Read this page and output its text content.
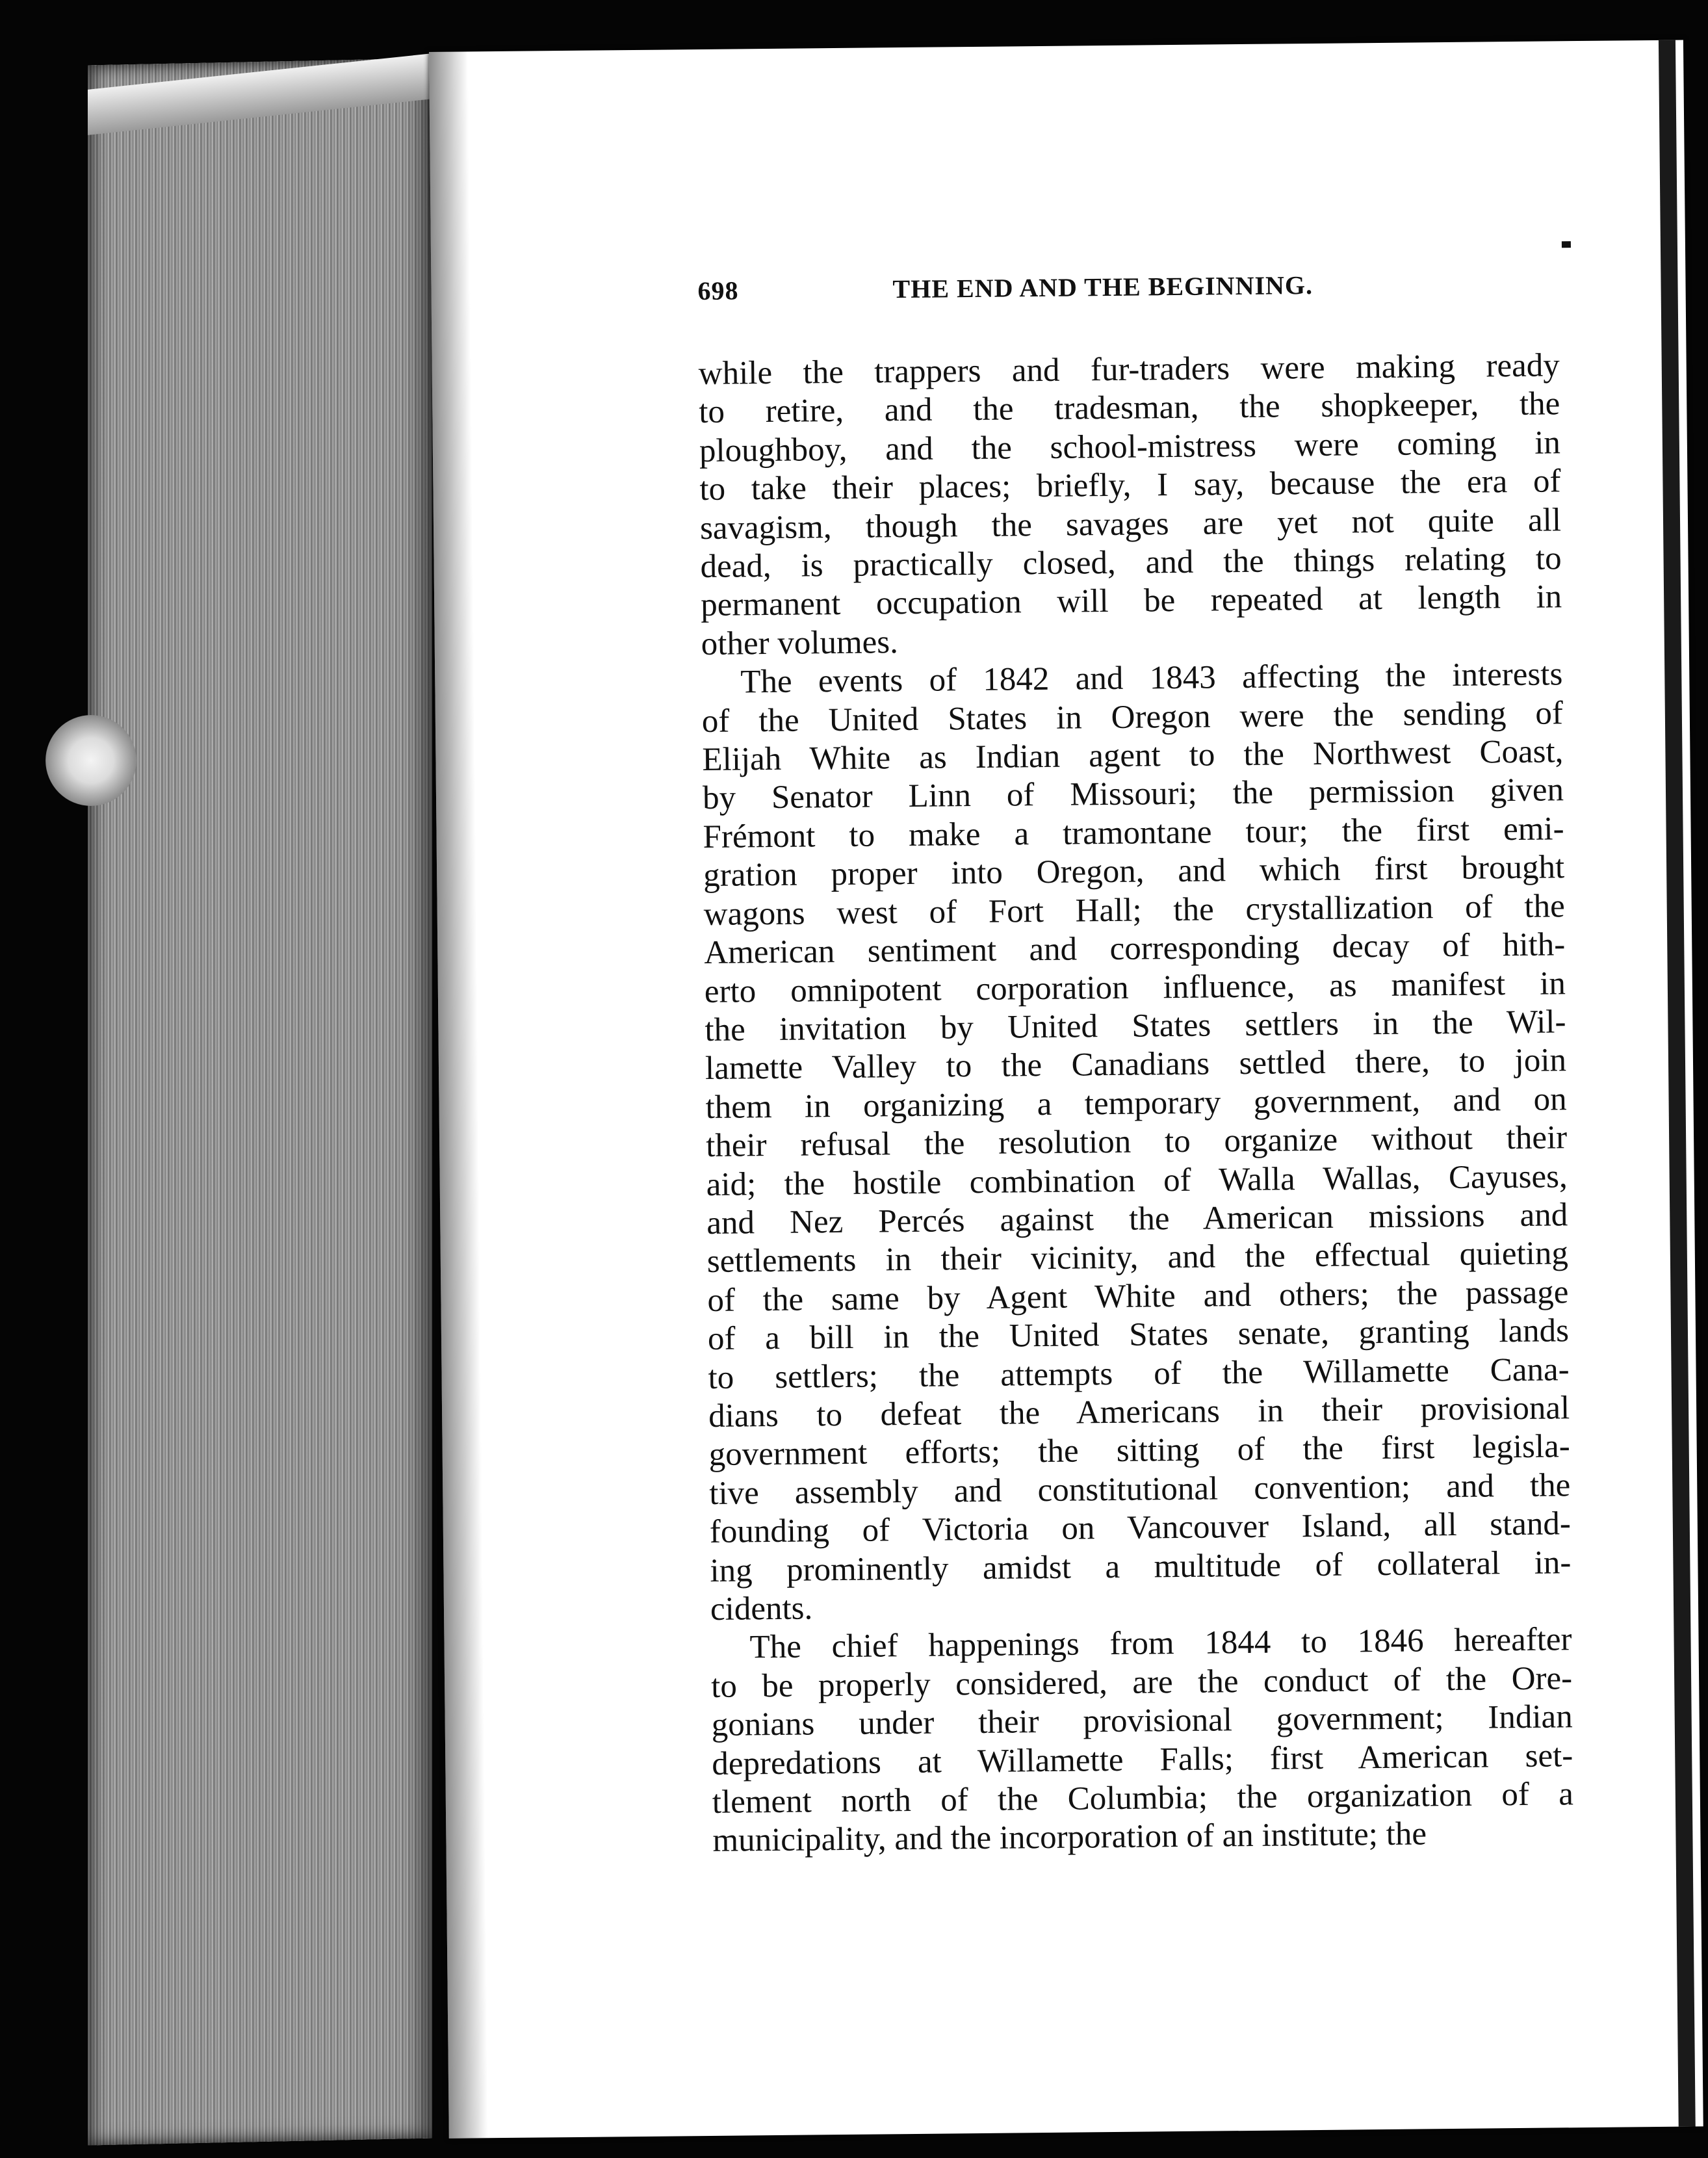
698	THE END AND THE BEGINNING.

while the trappers and fur-traders were making ready
to retire, and the tradesman, the shopkeeper, the
ploughboy, and the school-mistress were coming in
to take their places; briefly, I say, because the era of
savagism, though the savages are yet not quite all
dead, is practically closed, and the things relating to
permanent occupation will be repeated at length in
other volumes.

The events of 1842 and 1843 affecting the interests
of the United States in Oregon were the sending of
Elijah White as Indian agent to the Northwest Coast,
by Senator Linn of Missouri; the permission given
Frémont to make a tramontane tour; the first emi-
gration proper into Oregon, and which first brought
wagons west of Fort Hall; the crystallization of the
American sentiment and corresponding decay of hith-
erto omnipotent corporation influence, as manifest in
the invitation by United States settlers in the Wil-
lamette Valley to the Canadians settled there, to join
them in organizing a temporary government, and on
their refusal the resolution to organize without their
aid; the hostile combination of Walla Wallas, Cayuses,
and Nez Percés against the American missions and
settlements in their vicinity, and the effectual quieting
of the same by Agent White and others; the passage
of a bill in the United States senate, granting lands
to settlers; the attempts of the Willamette Cana-
dians to defeat the Americans in their provisional
government efforts; the sitting of the first legisla-
tive assembly and constitutional convention; and the
founding of Victoria on Vancouver Island, all stand-
ing prominently amidst a multitude of collateral in-
cidents.

The chief happenings from 1844 to 1846 hereafter
to be properly considered, are the conduct of the Ore-
gonians under their provisional government; Indian
depredations at Willamette Falls; first American set-
tlement north of the Columbia; the organization of a
municipality, and the incorporation of an institute; the
